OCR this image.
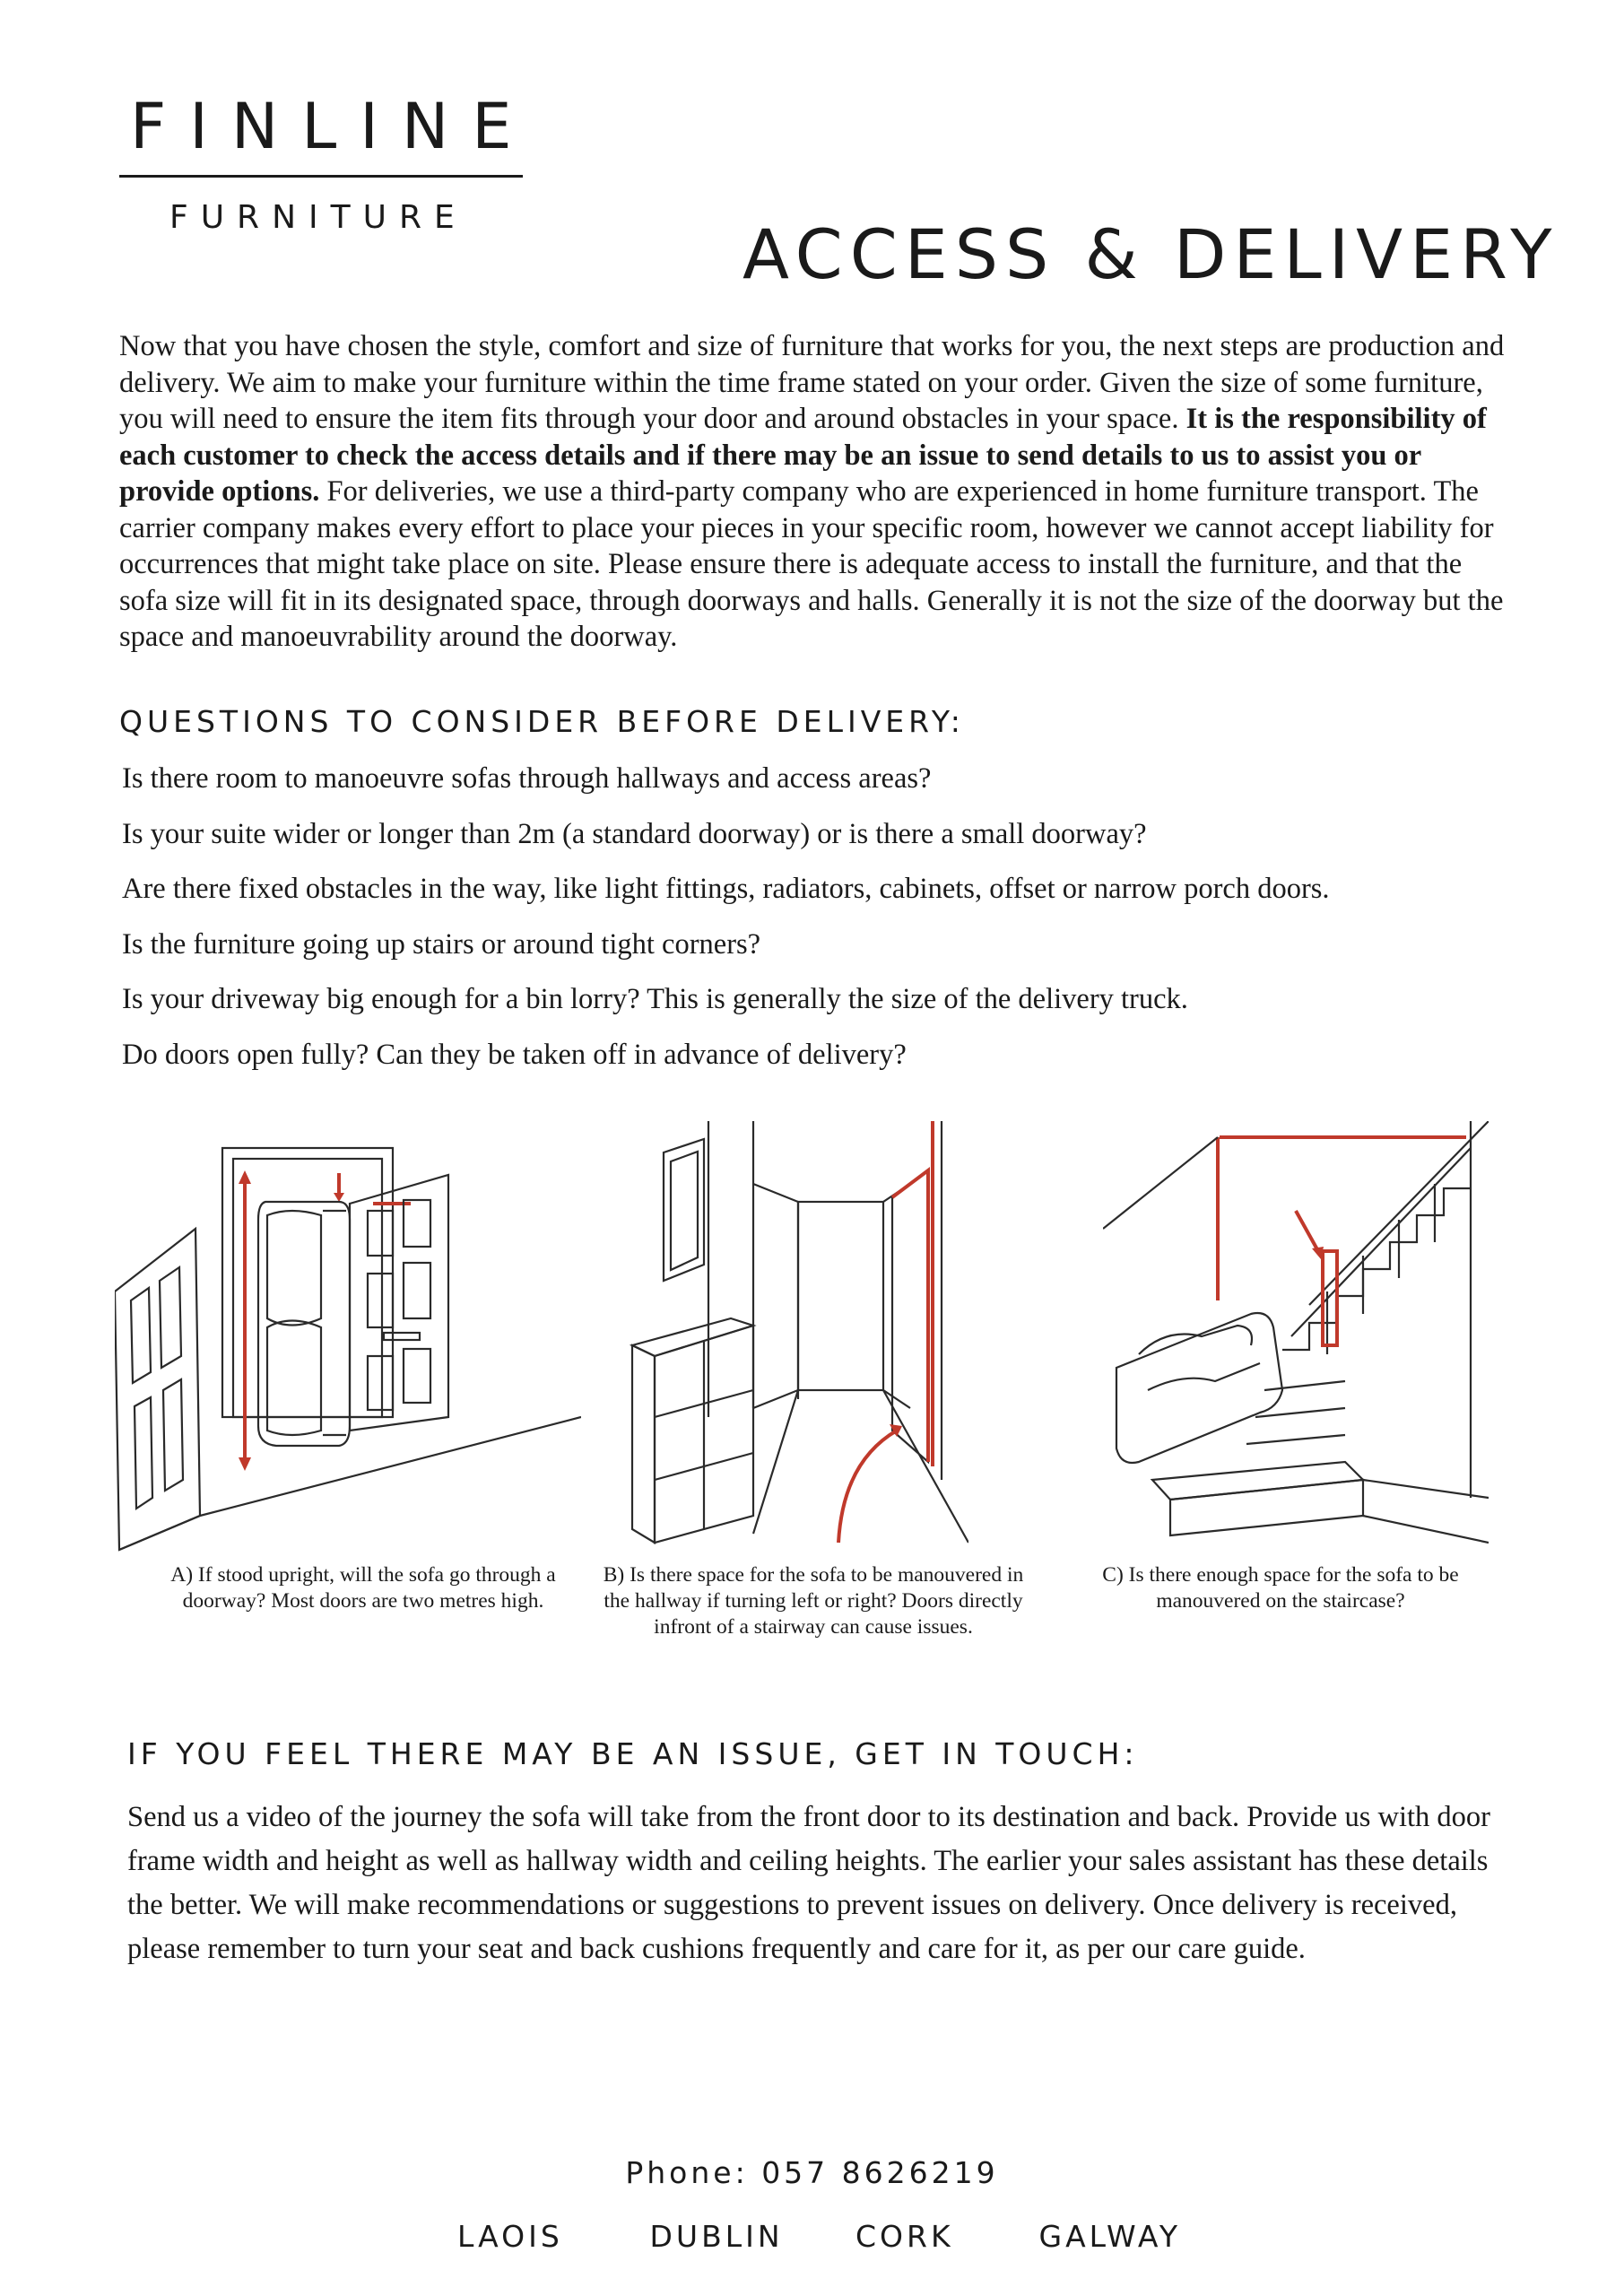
FINLINE
FURNITURE	ACCESS & DELIVERY

Now that you have chosen the style, comfort and size of furniture that works for you, the next steps are production and delivery. We aim to make your furniture within the time frame stated on your order. Given the size of some furniture, you will need to ensure the item fits through your door and around obstacles in your space. It is the responsibility of each customer to check the access details and if there may be an issue to send details to us to assist you or provide options. For deliveries, we use a third-party company who are experienced in home furniture transport. The carrier company makes every effort to place your pieces in your specific room, however we cannot accept liability for occurrences that might take place on site. Please ensure there is adequate access to install the furniture, and that the sofa size will fit in its designated space, through doorways and halls. Generally it is not the size of the doorway but the space and manoeuvrability around the doorway.

QUESTIONS TO CONSIDER BEFORE DELIVERY:
Is there room to manoeuvre sofas through hallways and access areas?
Is your suite wider or longer than 2m (a standard doorway) or is there a small doorway?
Are there fixed obstacles in the way, like light fittings, radiators, cabinets, offset or narrow porch doors.
Is the furniture going up stairs or around tight corners?
Is your driveway big enough for a bin lorry? This is generally the size of the delivery truck.
Do doors open fully? Can they be taken off in advance of delivery?

A) If stood upright, will the sofa go through a doorway? Most doors are two metres high.

B) Is there space for the sofa to be manouvered in the hallway if turning left or right? Doors directly infront of a stairway can cause issues.

C) Is there enough space for the sofa to be manouvered on the staircase?

IF YOU FEEL THERE MAY BE AN ISSUE, GET IN TOUCH:

Send us a video of the journey the sofa will take from the front door to its destination and back. Provide us with door frame width and height as well as hallway width and ceiling heights. The earlier your sales assistant has these details the better. We will make recommendations or suggestions to prevent issues on delivery. Once delivery is received, please remember to turn your seat and back cushions frequently and care for it, as per our care guide.

Phone: 057 8626219
LAOIS	DUBLIN CORK	GALWAY
